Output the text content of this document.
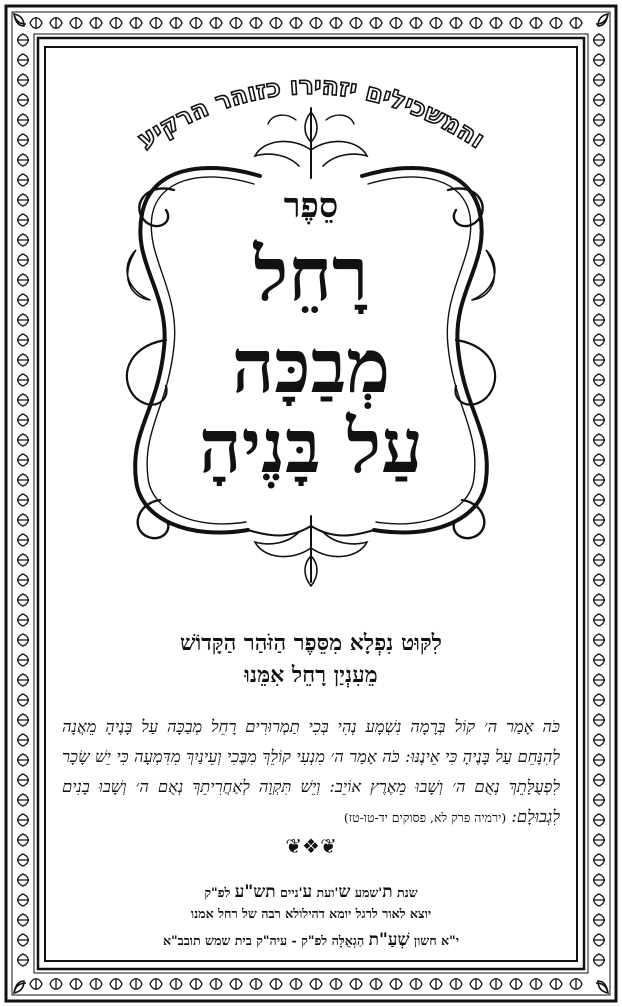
והמשכילים יזהירו כזוהר הרקיע
סֵפֶר
רָחֵל
מְבַכָּה
עַל בָּנֶיהָ
לִקּוּט נִפְלָא מִסֵּפֶר הַזֹּהַר הַקָּדוֹשׁ
מֵעִנְיַן רָחֵל אִמֵּנוּ
כֹּה אָמַר ה׳ קוֹל בְּרָמָה נִשְׁמָע נְהִי בְּכִי תַמְרוּרִים רָחֵל מְבַכָּה עַל בָּנֶיהָ מֵאֲנָה לְהִנָּחֵם עַל בָּנֶיהָ כִּי אֵינֶנּוּ: כֹּה אָמַר ה׳ מִנְעִי קוֹלֵךְ מִבֶּכִי וְעֵינַיִךְ מִדִּמְעָה כִּי יֵשׁ שָׂכָר לִפְעֻלָּתֵךְ נְאֻם ה׳ וְשָׁבוּ מֵאֶרֶץ אוֹיֵב: וְיֵשׁ תִּקְוָה לְאַחֲרִיתֵךְ נְאֻם ה׳ וְשָׁבוּ בָנִים לִגְבוּלָם: (ירמיה פרק לא, פסוקים יד-טו-טז)
❦❖❦
שנת ת'שמע ש'ועת ע'ניים תש"ע לפ"ק
יוצא לאור לרגל יומא דהילולא רבה של רחל אמנו
י"א חשון שְׁעַ"ת הַגְאֻלָּה לפ"ק - עיה"ק בית שמש תובב"א
